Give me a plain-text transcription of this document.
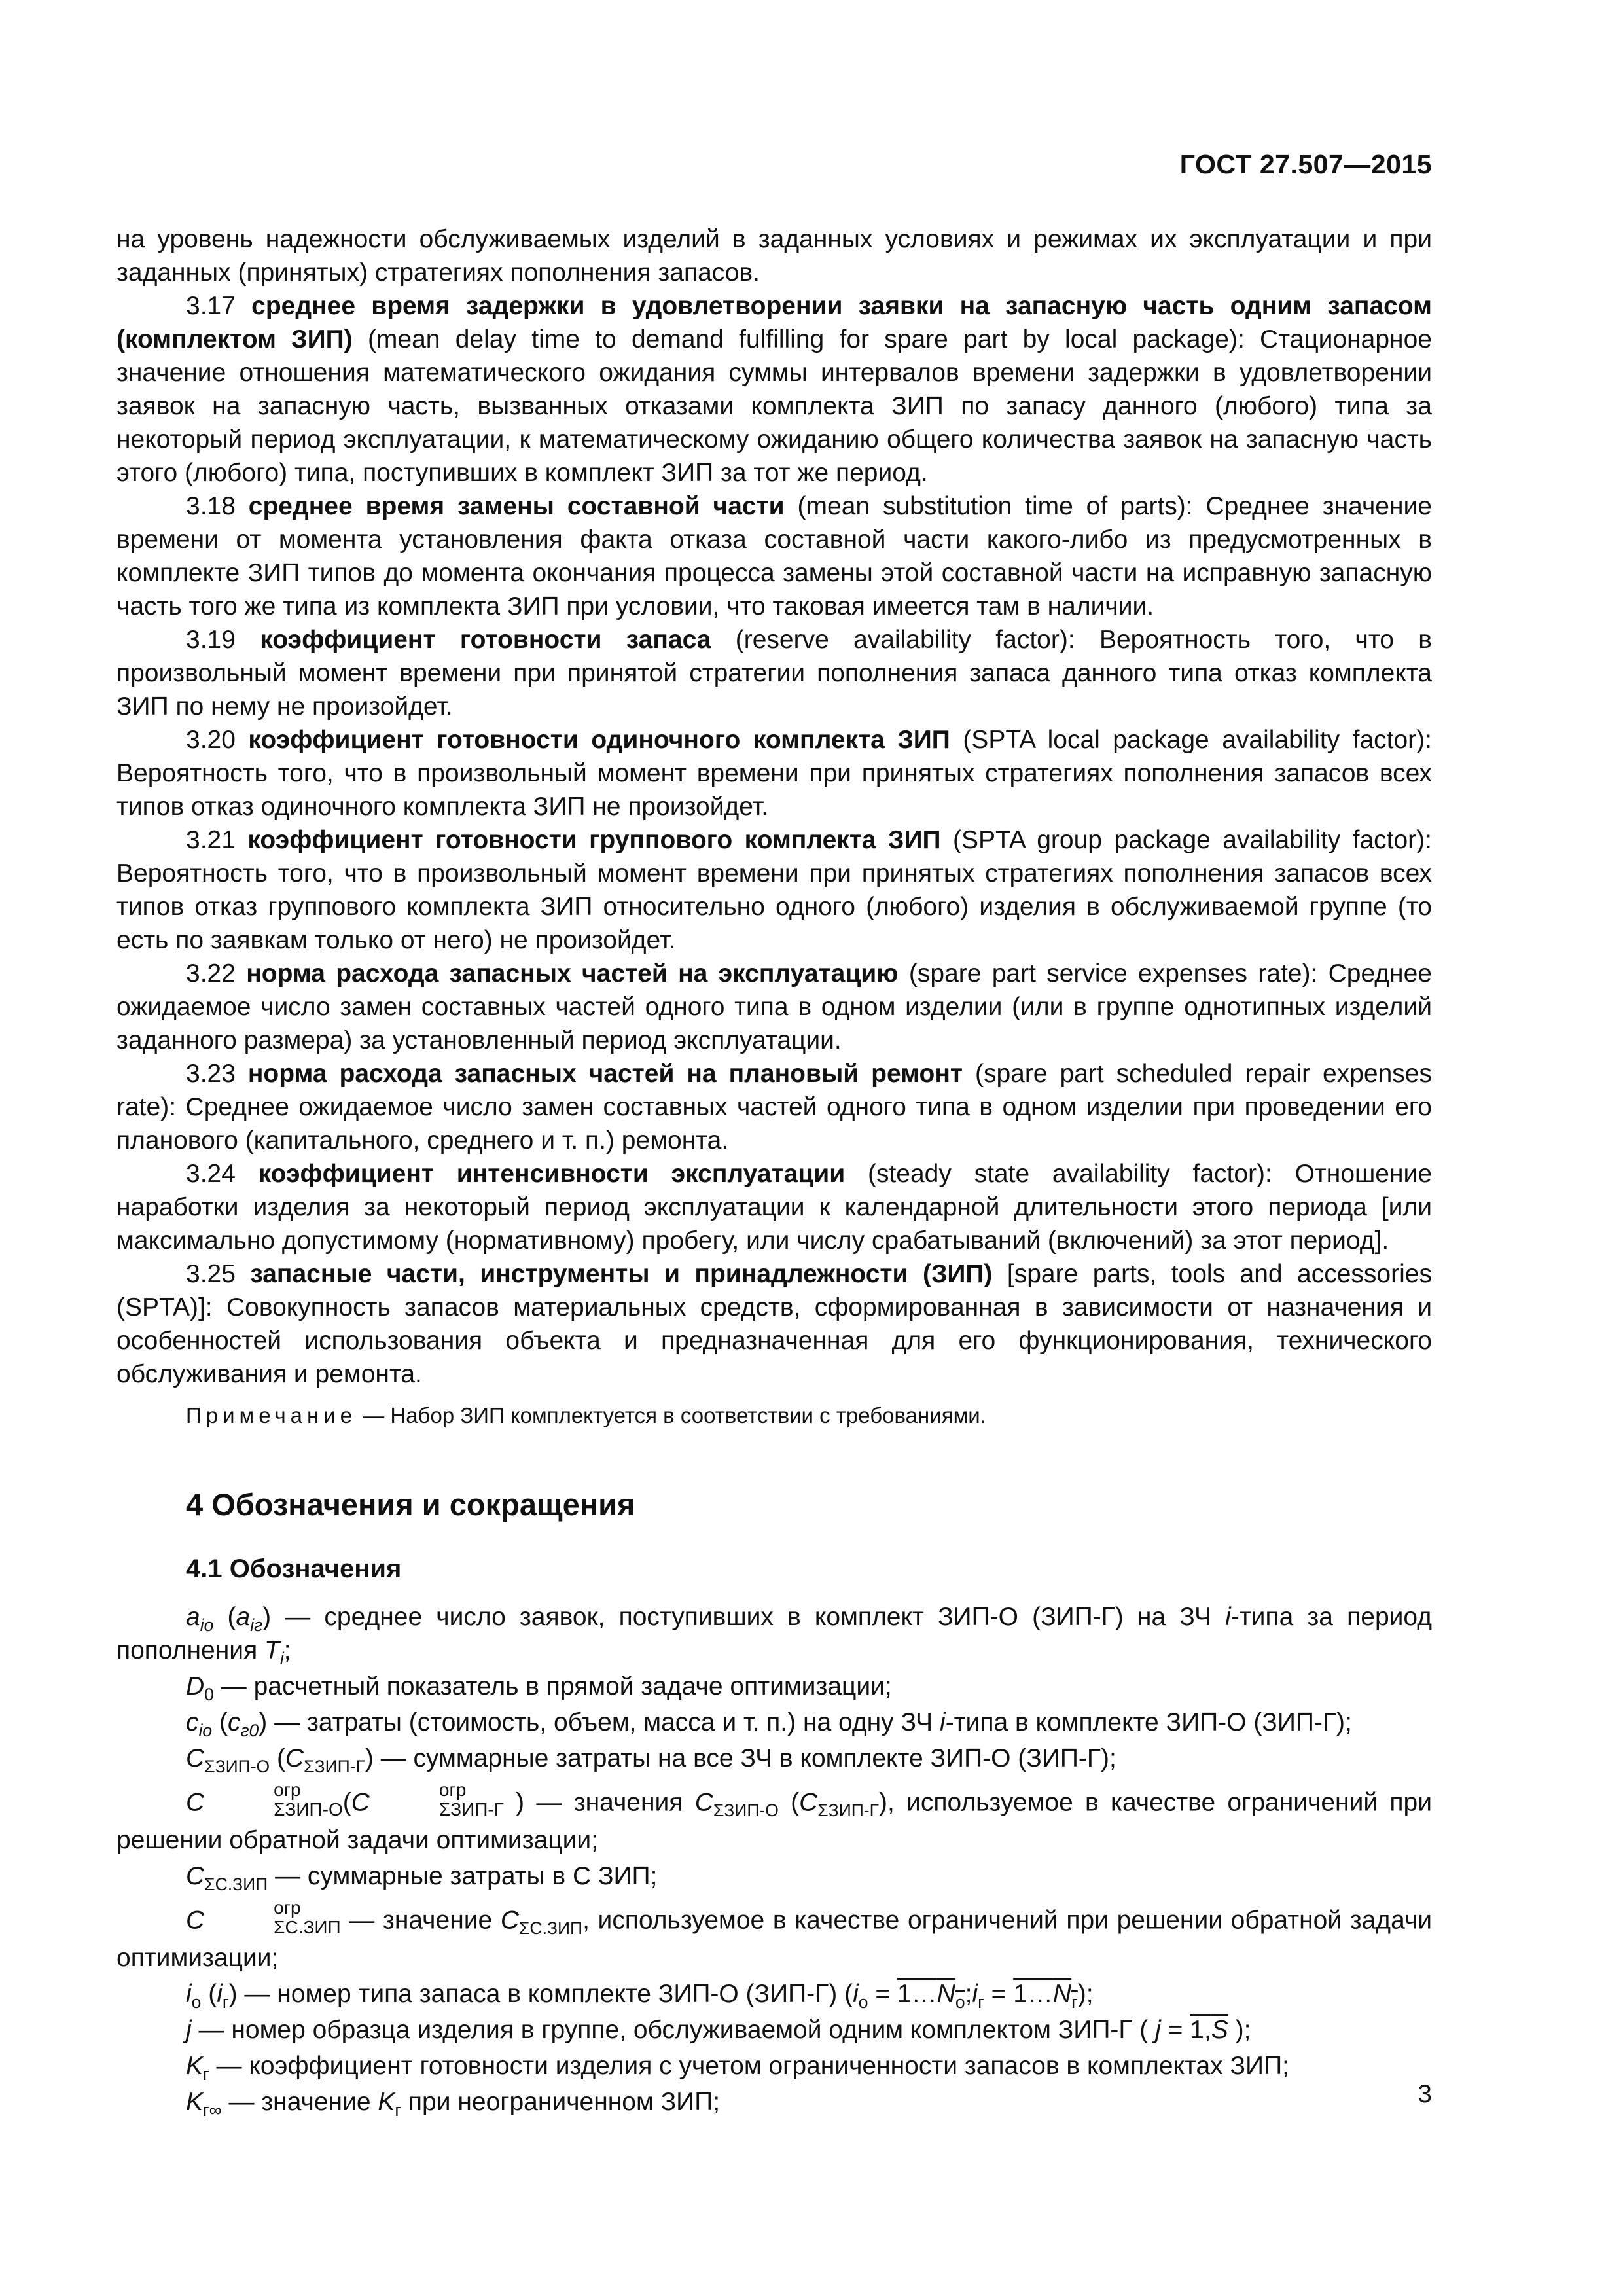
ГОСТ 27.507—2015

на уровень надежности обслуживаемых изделий в заданных условиях и режимах их эксплуатации и при заданных (принятых) стратегиях пополнения запасов.

3.17 среднее время задержки в удовлетворении заявки на запасную часть одним запасом (комплектом ЗИП) (mean delay time to demand fulfilling for spare part by local package): Стационарное значение отношения математического ожидания суммы интервалов времени задержки в удовлетворении заявок на запасную часть, вызванных отказами комплекта ЗИП по запасу данного (любого) типа за некоторый период эксплуатации, к математическому ожиданию общего количества заявок на запасную часть этого (любого) типа, поступивших в комплект ЗИП за тот же период.

3.18 среднее время замены составной части (mean substitution time of parts): Среднее значение времени от момента установления факта отказа составной части какого-либо из предусмотренных в комплекте ЗИП типов до момента окончания процесса замены этой составной части на исправную запасную часть того же типа из комплекта ЗИП при условии, что таковая имеется там в наличии.

3.19 коэффициент готовности запаса (reserve availability factor): Вероятность того, что в произвольный момент времени при принятой стратегии пополнения запаса данного типа отказ комплекта ЗИП по нему не произойдет.

3.20 коэффициент готовности одиночного комплекта ЗИП (SPTA local package availability factor): Вероятность того, что в произвольный момент времени при принятых стратегиях пополнения запасов всех типов отказ одиночного комплекта ЗИП не произойдет.

3.21 коэффициент готовности группового комплекта ЗИП (SPTA group package availability factor): Вероятность того, что в произвольный момент времени при принятых стратегиях пополнения запасов всех типов отказ группового комплекта ЗИП относительно одного (любого) изделия в обслуживаемой группе (то есть по заявкам только от него) не произойдет.

3.22 норма расхода запасных частей на эксплуатацию (spare part service expenses rate): Среднее ожидаемое число замен составных частей одного типа в одном изделии (или в группе однотипных изделий заданного размера) за установленный период эксплуатации.

3.23 норма расхода запасных частей на плановый ремонт (spare part scheduled repair expenses rate): Среднее ожидаемое число замен составных частей одного типа в одном изделии при проведении его планового (капитального, среднего и т. п.) ремонта.

3.24 коэффициент интенсивности эксплуатации (steady state availability factor): Отношение наработки изделия за некоторый период эксплуатации к календарной длительности этого периода [или максимально допустимому (нормативному) пробегу, или числу срабатываний (включений) за этот период].

3.25 запасные части, инструменты и принадлежности (ЗИП) [spare parts, tools and accessories (SPTA)]: Совокупность запасов материальных средств, сформированная в зависимости от назначения и особенностей использования объекта и предназначенная для его функционирования, технического обслуживания и ремонта.

Примечание — Набор ЗИП комплектуется в соответствии с требованиями.

4 Обозначения и сокращения

4.1 Обозначения

$a_{io}$ $(a_{iг})$ — среднее число заявок, поступивших в комплект ЗИП-О (ЗИП-Г) на ЗЧ i-типа за период пополнения $T_i$;

$D_0$ — расчетный показатель в прямой задаче оптимизации;

$c_{io}$ $(c_{г0})$ — затраты (стоимость, объем, масса и т. п.) на одну ЗЧ i-типа в комплекте ЗИП-О (ЗИП-Г);

$C_{\Sigma ЗИП-О}$ $(C_{\Sigma ЗИП-Г})$ — суммарные затраты на все ЗЧ в комплекте ЗИП-О (ЗИП-Г);

C	огр
ΣЗИП-О (C	огр
ΣЗИП-Г ) — значения $C_{\Sigma ЗИП-О}$ $(C_{\Sigma ЗИП-Г})$, используемое в качестве ограничений при решении обратной задачи оптимизации;

$C_{\Sigma С.ЗИП}$ — суммарные затраты в С ЗИП;

C	огр
ΣС.ЗИП — значение $C_{\Sigma С.ЗИП}$, используемое в качестве ограничений при решении обратной задачи оптимизации;

$i_о$ $(i_г)$ — номер типа запаса в комплекте ЗИП-О (ЗИП-Г) ($i_о$ = $1\dots N_о;i_г$ = $1\dots N_г$);

j — номер образца изделия в группе, обслуживаемой одним комплектом ЗИП-Г ( j = 1,S );

$K_г$ — коэффициент готовности изделия с учетом ограниченности запасов в комплектах ЗИП;

$K_{г\infty}$ — значение $K_г$ при неограниченном ЗИП;	3
